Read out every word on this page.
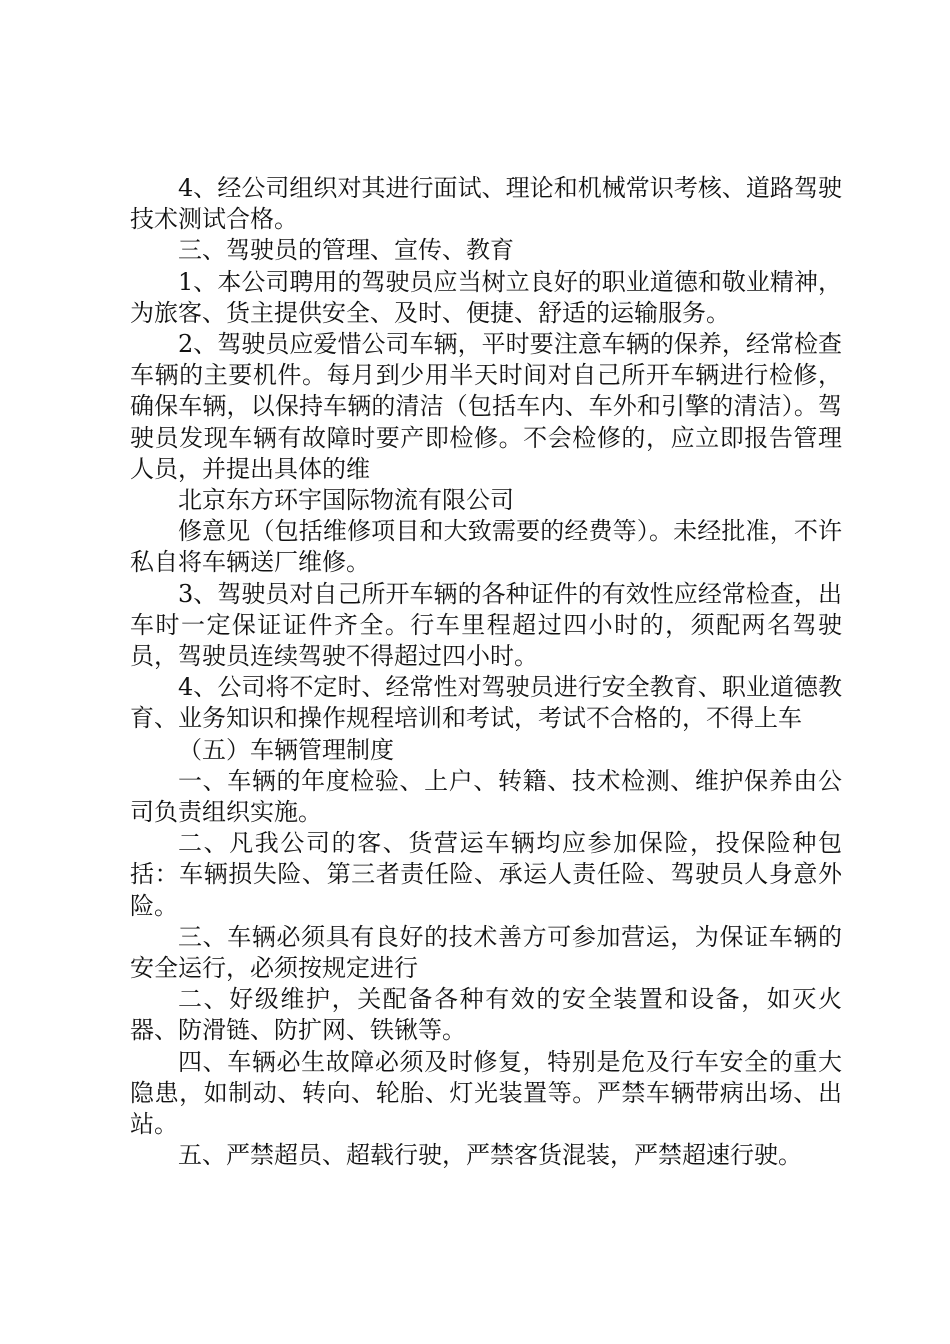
4、经公司组织对其进行面试、理论和机械常识考核、道路驾驶技术测试合格。

三、驾驶员的管理、宣传、教育

1、本公司聘用的驾驶员应当树立良好的职业道德和敬业精神，为旅客、货主提供安全、及时、便捷、舒适的运输服务。

2、驾驶员应爱惜公司车辆，平时要注意车辆的保养，经常检查车辆的主要机件。每月到少用半天时间对自己所开车辆进行检修，确保车辆，以保持车辆的清洁（包括车内、车外和引擎的清洁）。驾驶员发现车辆有故障时要产即检修。不会检修的，应立即报告管理人员，并提出具体的维

北京东方环宇国际物流有限公司

修意见（包括维修项目和大致需要的经费等）。未经批准，不许私自将车辆送厂维修。

3、驾驶员对自己所开车辆的各种证件的有效性应经常检查，出车时一定保证证件齐全。行车里程超过四小时的，须配两名驾驶员，驾驶员连续驾驶不得超过四小时。

4、公司将不定时、经常性对驾驶员进行安全教育、职业道德教育、业务知识和操作规程培训和考试，考试不合格的，不得上车

（五）车辆管理制度

一、车辆的年度检验、上户、转籍、技术检测、维护保养由公司负责组织实施。

二、凡我公司的客、货营运车辆均应参加保险，投保险种包括：车辆损失险、第三者责任险、承运人责任险、驾驶员人身意外险。

三、车辆必须具有良好的技术善方可参加营运，为保证车辆的安全运行，必须按规定进行

二、好级维护，关配备各种有效的安全装置和设备，如灭火器、防滑链、防扩网、铁锹等。

四、车辆必生故障必须及时修复，特别是危及行车安全的重大隐患，如制动、转向、轮胎、灯光装置等。严禁车辆带病出场、出站。

五、严禁超员、超载行驶，严禁客货混装，严禁超速行驶。
